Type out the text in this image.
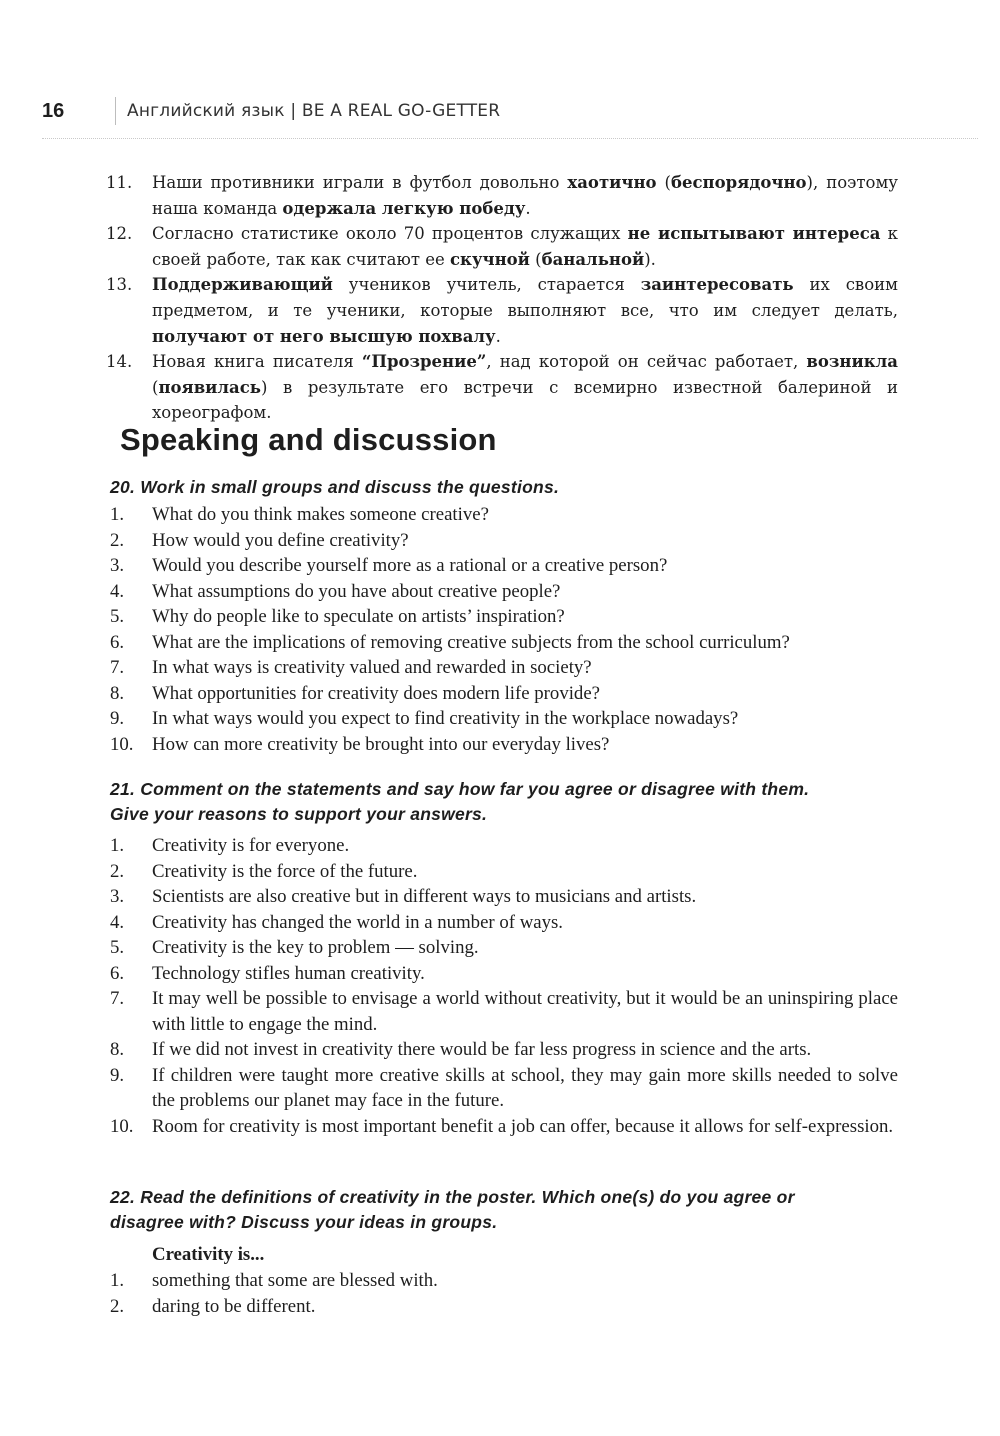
16	Английский язык | BE A REAL GO-GETTER
11.	Наши противники играли в футбол довольно хаотично (беспорядочно), поэтому наша команда одержала легкую победу.
12.	Согласно статистике около 70 процентов служащих не испытывают интереса к своей работе, так как считают ее скучной (банальной).
13.	Поддерживающий учеников учитель, старается заинтересовать их своим предметом, и те ученики, которые выполняют все, что им следует делать, получают от него высшую похвалу.
14.	Новая книга писателя “Прозрение”, над которой он сейчас работает, возникла (появилась) в результате его встречи с всемирно известной балериной и хореографом.
Speaking and discussion

20. Work in small groups and discuss the questions.

1.	What do you think makes someone creative?
2.	How would you define creativity?
3.	Would you describe yourself more as a rational or a creative person?
4.	What assumptions do you have about creative people?
5.	Why do people like to speculate on artists’ inspiration?
6.	What are the implications of removing creative subjects from the school curriculum?
7.	In what ways is creativity valued and rewarded in society?
8.	What opportunities for creativity does modern life provide?
9.	In what ways would you expect to find creativity in the workplace nowadays?
10. How can more creativity be brought into our everyday lives?

21. Comment on the statements and say how far you agree or disagree with them.
Give your reasons to support your answers.

1.	Creativity is for everyone.
2.	Creativity is the force of the future.
3.	Scientists are also creative but in different ways to musicians and artists.
4.	Creativity has changed the world in a number of ways.
5.	Creativity is the key to problem — solving.
6.	Technology stifles human creativity.
7.	It may well be possible to envisage a world without creativity, but it would be an uninspiring place with little to engage the mind.
8.	If we did not invest in creativity there would be far less progress in science and the arts.
9.	If children were taught more creative skills at school, they may gain more skills needed to solve the problems our planet may face in the future.
10. Room for creativity is most important benefit a job can offer, because it allows for self-expression.

22. Read the definitions of creativity in the poster. Which one(s) do you agree or
disagree with? Discuss your ideas in groups.

Creativity is...
1.	something that some are blessed with.
2.	daring to be different.
